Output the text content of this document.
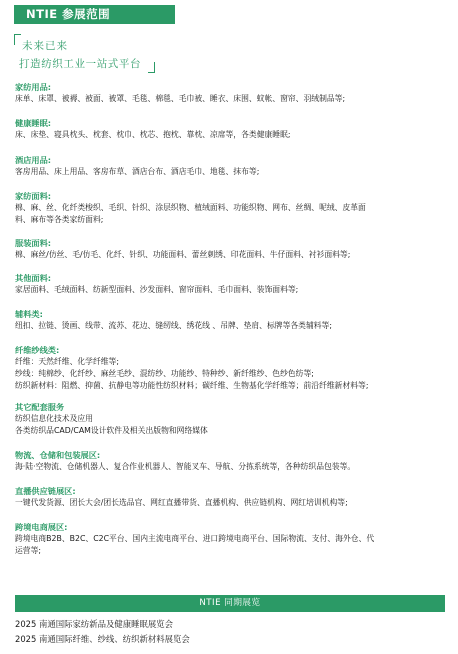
NTIE 参展范围
未来已来
打造纺织工业一站式平台
家纺用品:
床单、床罩、被褥、被面、被罩、毛毯、棉毯、毛巾被、睡衣、床围、蚊帐、窗帘、羽绒制品等;
健康睡眠:
床、床垫、寝具枕头、枕套、枕巾、枕芯、抱枕、靠枕、凉席等，各类健康睡眠;
酒店用品:
客房用品、床上用品、客房布草、酒店台布、酒店毛巾、地毯、抹布等;
家纺面料:
棉、麻、丝、化纤类梭织、毛织、针织、涂层织物、植绒面料、功能织物、网布、丝绸、呢绒、皮革面
料、麻布等各类家纺面料;
服装面料:
棉、麻丝/仿丝、毛/仿毛、化纤、针织、功能面料、蕾丝刺绣、印花面料、牛仔面料、衬衫面料等;
其他面料:
家居面料、毛绒面料、纺新型面料、沙发面料、窗帘面料、毛巾面料、装饰面料等;
辅料类:
纽扣、拉链、烫画、线带、流苏、花边、缝纫线、绣花线 、吊牌、垫肩、标牌等各类辅料等;
纤维纱线类:
纤维：天然纤维、化学纤维等;
纱线：纯棉纱、化纤纱、麻丝毛纱、混纺纱、功能纱、特种纱、新纤维纱、色纱色纺等;
纺织新材料：阻燃、抑菌、抗静电等功能性纺织材料；碳纤维、生物基化学纤维等；前沿纤维新材料等;
其它配套服务
纺织信息化技术及应用
各类纺织品CAD/CAM设计软件及相关出版物和网络媒体
物流、仓储和包装展区:
海·陆·空物流、仓储机器人、复合作业机器人、智能叉车、导航、分拣系统等，各种纺织品包装等。
直播供应链展区:
一键代发货源、团长大会/团长选品官、网红直播带货、直播机构、供应链机构、网红培训机构等;
跨境电商展区:
跨境电商B2B、B2C、C2C平台、国内主流电商平台、进口跨境电商平台、国际物流、支付、海外仓、代
运营等;
NTIE 同期展览
2025 南通国际家纺新品及健康睡眠展览会
2025 南通国际纤维、纱线、纺织新材料展览会
